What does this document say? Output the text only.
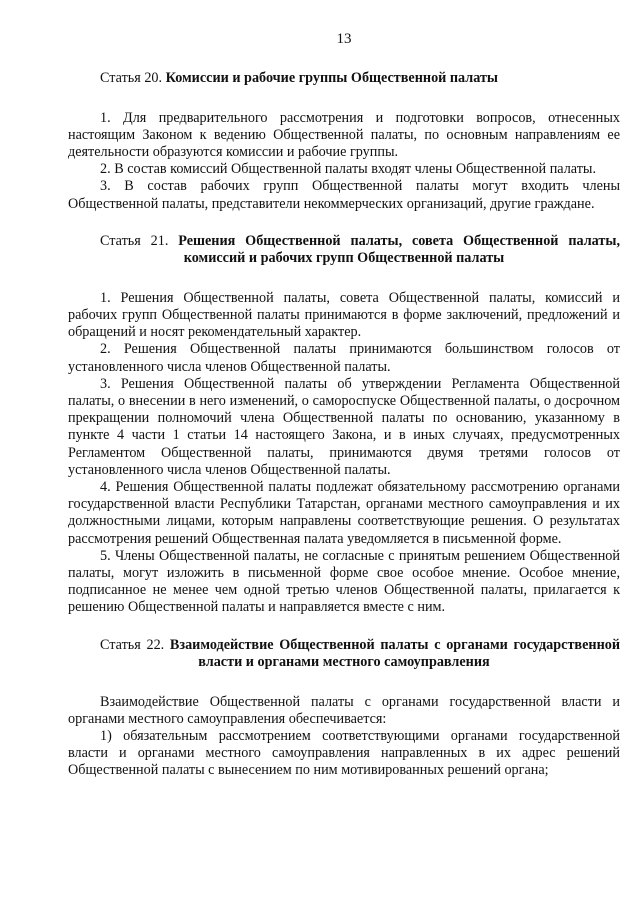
13

Статья 20. Комиссии и рабочие группы Общественной палаты

1. Для предварительного рассмотрения и подготовки вопросов, отнесенных настоящим Законом к ведению Общественной палаты, по основным направлениям ее деятельности образуются комиссии и рабочие группы.

2. В состав комиссий Общественной палаты входят члены Общественной палаты.

3. В состав рабочих групп Общественной палаты могут входить члены Общественной палаты, представители некоммерческих организаций, другие граждане.

Статья 21. Решения Общественной палаты, совета Общественной палаты, комиссий и рабочих групп Общественной палаты

1. Решения Общественной палаты, совета Общественной палаты, комиссий и рабочих групп Общественной палаты принимаются в форме заключений, предложений и обращений и носят рекомендательный характер.

2. Решения Общественной палаты принимаются большинством голосов от установленного числа членов Общественной палаты.

3. Решения Общественной палаты об утверждении Регламента Общественной палаты, о внесении в него изменений, о самороспуске Общественной палаты, о досрочном прекращении полномочий члена Общественной палаты по основанию, указанному в пункте 4 части 1 статьи 14 настоящего Закона, и в иных случаях, предусмотренных Регламентом Общественной палаты, принимаются двумя третями голосов от установленного числа членов Общественной палаты.

4. Решения Общественной палаты подлежат обязательному рассмотрению органами государственной власти Республики Татарстан, органами местного самоуправления и их должностными лицами, которым направлены соответствующие решения. О результатах рассмотрения решений Общественная палата уведомляется в письменной форме.

5. Члены Общественной палаты, не согласные с принятым решением Общественной палаты, могут изложить в письменной форме свое особое мнение. Особое мнение, подписанное не менее чем одной третью членов Общественной палаты, прилагается к решению Общественной палаты и направляется вместе с ним.

Статья 22. Взаимодействие Общественной палаты с органами государственной власти и органами местного самоуправления

Взаимодействие Общественной палаты с органами государственной власти и органами местного самоуправления обеспечивается:

1) обязательным рассмотрением соответствующими органами государственной власти и органами местного самоуправления направленных в их адрес решений Общественной палаты с вынесением по ним мотивированных решений органа;
